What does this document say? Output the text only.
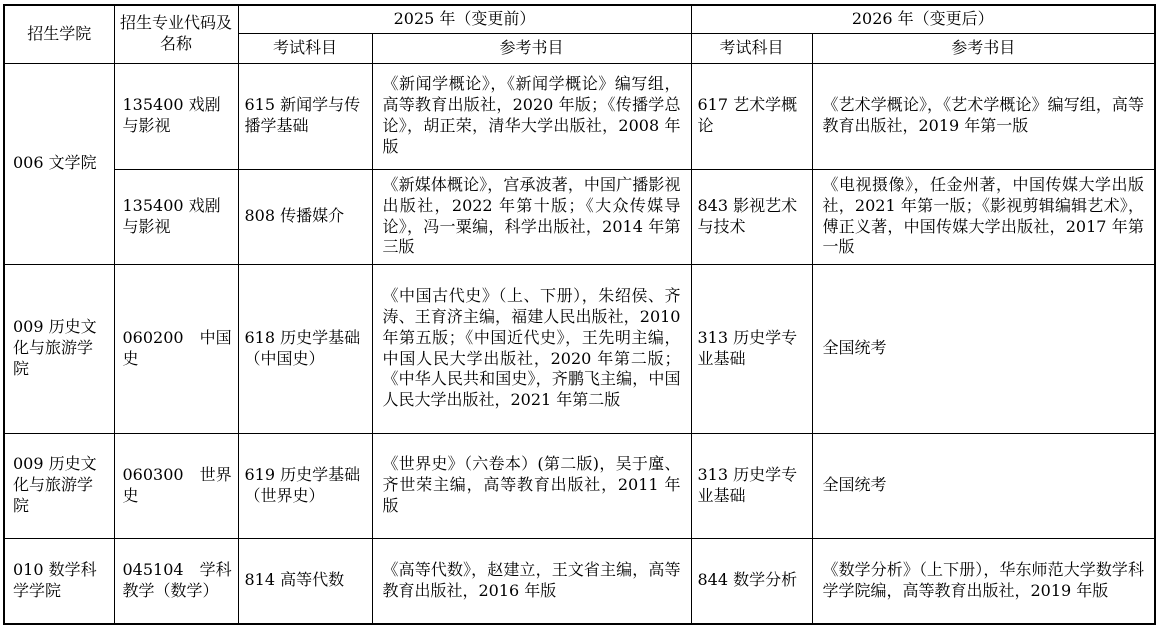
招生学院	招生专业代码及名称	2025 年（变更前）		2026 年（变更后）	
		考试科目	参考书目	考试科目	参考书目
006 文学院	135400 戏剧与影视	615 新闻学与传播学基础	《新闻学概论》，《新闻学概论》编写组，高等教育出版社，2020 年版；《传播学总论》，胡正荣，清华大学出版社，2008 年版	617 艺术学概论	《艺术学概论》，《艺术学概论》编写组，高等教育出版社，2019 年第一版
	135400 戏剧与影视	808 传播媒介	《新媒体概论》，宫承波著，中国广播影视出版社，2022 年第十版；《大众传媒导论》，冯一粟编，科学出版社，2014 年第三版	843 影视艺术与技术	《电视摄像》，任金州著，中国传媒大学出版社，2021 年第一版；《影视剪辑编辑艺术》，傅正义著，中国传媒大学出版社，2017 年第一版
009 历史文化与旅游学院	060200　中国史	618 历史学基础（中国史）	《中国古代史》（上、下册），朱绍侯、齐涛、王育济主编，福建人民出版社，2010 年第五版；《中国近代史》，王先明主编，中国人民大学出版社，2020 年第二版；《中华人民共和国史》，齐鹏飞主编，中国人民大学出版社，2021 年第二版	313 历史学专业基础	全国统考
009 历史文化与旅游学院	060300　世界史	619 历史学基础（世界史）	《世界史》（六卷本）(第二版)，吴于廑、齐世荣主编，高等教育出版社，2011 年版	313 历史学专业基础	全国统考
010 数学科学学院	045104　学科教学（数学）	814 高等代数	《高等代数》，赵建立，王文省主编，高等教育出版社，2016 年版	844 数学分析	《数学分析》（上下册），华东师范大学数学科学学院编，高等教育出版社，2019 年版
